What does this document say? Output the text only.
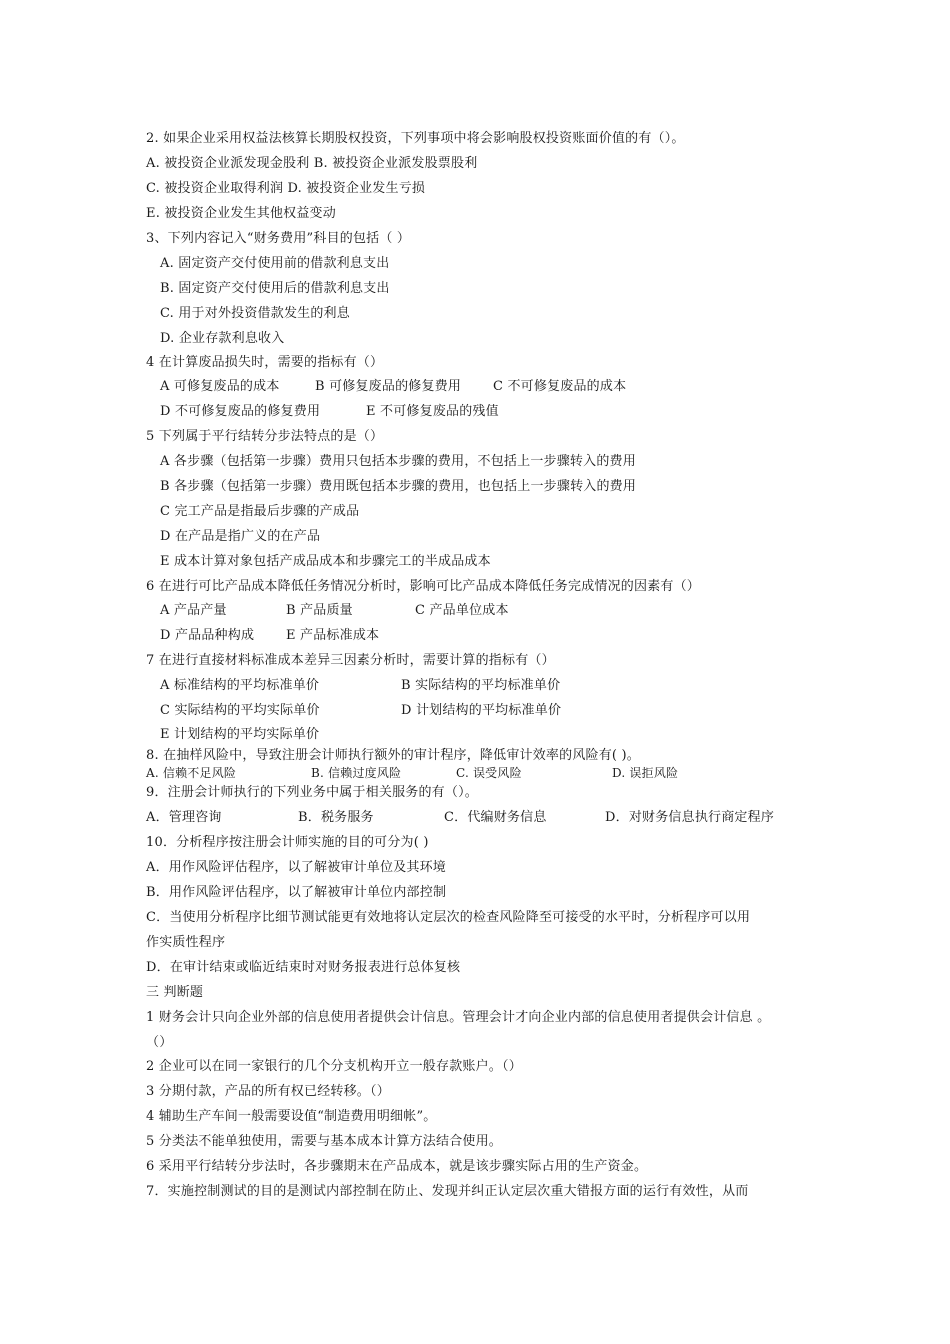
2. 如果企业采用权益法核算长期股权投资，下列事项中将会影响股权投资账面价值的有（）。
A. 被投资企业派发现金股利 B. 被投资企业派发股票股利
C. 被投资企业取得利润 D. 被投资企业发生亏损
E. 被投资企业发生其他权益变动
3、下列内容记入“财务费用”科目的包括（ ）
A. 固定资产交付使用前的借款利息支出
B. 固定资产交付使用后的借款利息支出
C. 用于对外投资借款发生的利息
D. 企业存款利息收入
4 在计算废品损失时，需要的指标有（）
A 可修复废品的成本	B 可修复废品的修复费用 C 不可修复废品的成本
D 不可修复废品的修复费用	E 不可修复废品的残值
5 下列属于平行结转分步法特点的是（）
A 各步骤（包括第一步骤）费用只包括本步骤的费用，不包括上一步骤转入的费用
B 各步骤（包括第一步骤）费用既包括本步骤的费用，也包括上一步骤转入的费用
C 完工产品是指最后步骤的产成品
D 在产品是指广义的在产品
E 成本计算对象包括产成品成本和步骤完工的半成品成本
6 在进行可比产品成本降低任务情况分析时，影响可比产品成本降低任务完成情况的因素有（）
A 产品产量	B 产品质量	C 产品单位成本
D 产品品种构成 E 产品标准成本
7 在进行直接材料标准成本差异三因素分析时，需要计算的指标有（）
A 标准结构的平均标准单价	B 实际结构的平均标准单价
C 实际结构的平均实际单价	D 计划结构的平均标准单价
E 计划结构的平均实际单价
8. 在抽样风险中，导致注册会计师执行额外的审计程序，降低审计效率的风险有( )。
A. 信赖不足风险	B. 信赖过度风险	C. 误受风险	D. 误拒风险
9．注册会计师执行的下列业务中属于相关服务的有（）。
A．管理咨询	B．税务服务	C．代编财务信息	D．对财务信息执行商定程序
10．分析程序按注册会计师实施的目的可分为( )
A．用作风险评估程序，以了解被审计单位及其环境
B．用作风险评估程序，以了解被审计单位内部控制
C．当使用分析程序比细节测试能更有效地将认定层次的检查风险降至可接受的水平时，分析程序可以用
作实质性程序
D．在审计结束或临近结束时对财务报表进行总体复核
三 判断题
1 财务会计只向企业外部的信息使用者提供会计信息。管理会计才向企业内部的信息使用者提供会计信息 。
（）
2 企业可以在同一家银行的几个分支机构开立一般存款账户。（）
3 分期付款，产品的所有权已经转移。（）
4 辅助生产车间一般需要设值“制造费用明细帐”。
5 分类法不能单独使用，需要与基本成本计算方法结合使用。
6 采用平行结转分步法时，各步骤期末在产品成本，就是该步骤实际占用的生产资金。
7．实施控制测试的目的是测试内部控制在防止、发现并纠正认定层次重大错报方面的运行有效性，从而
